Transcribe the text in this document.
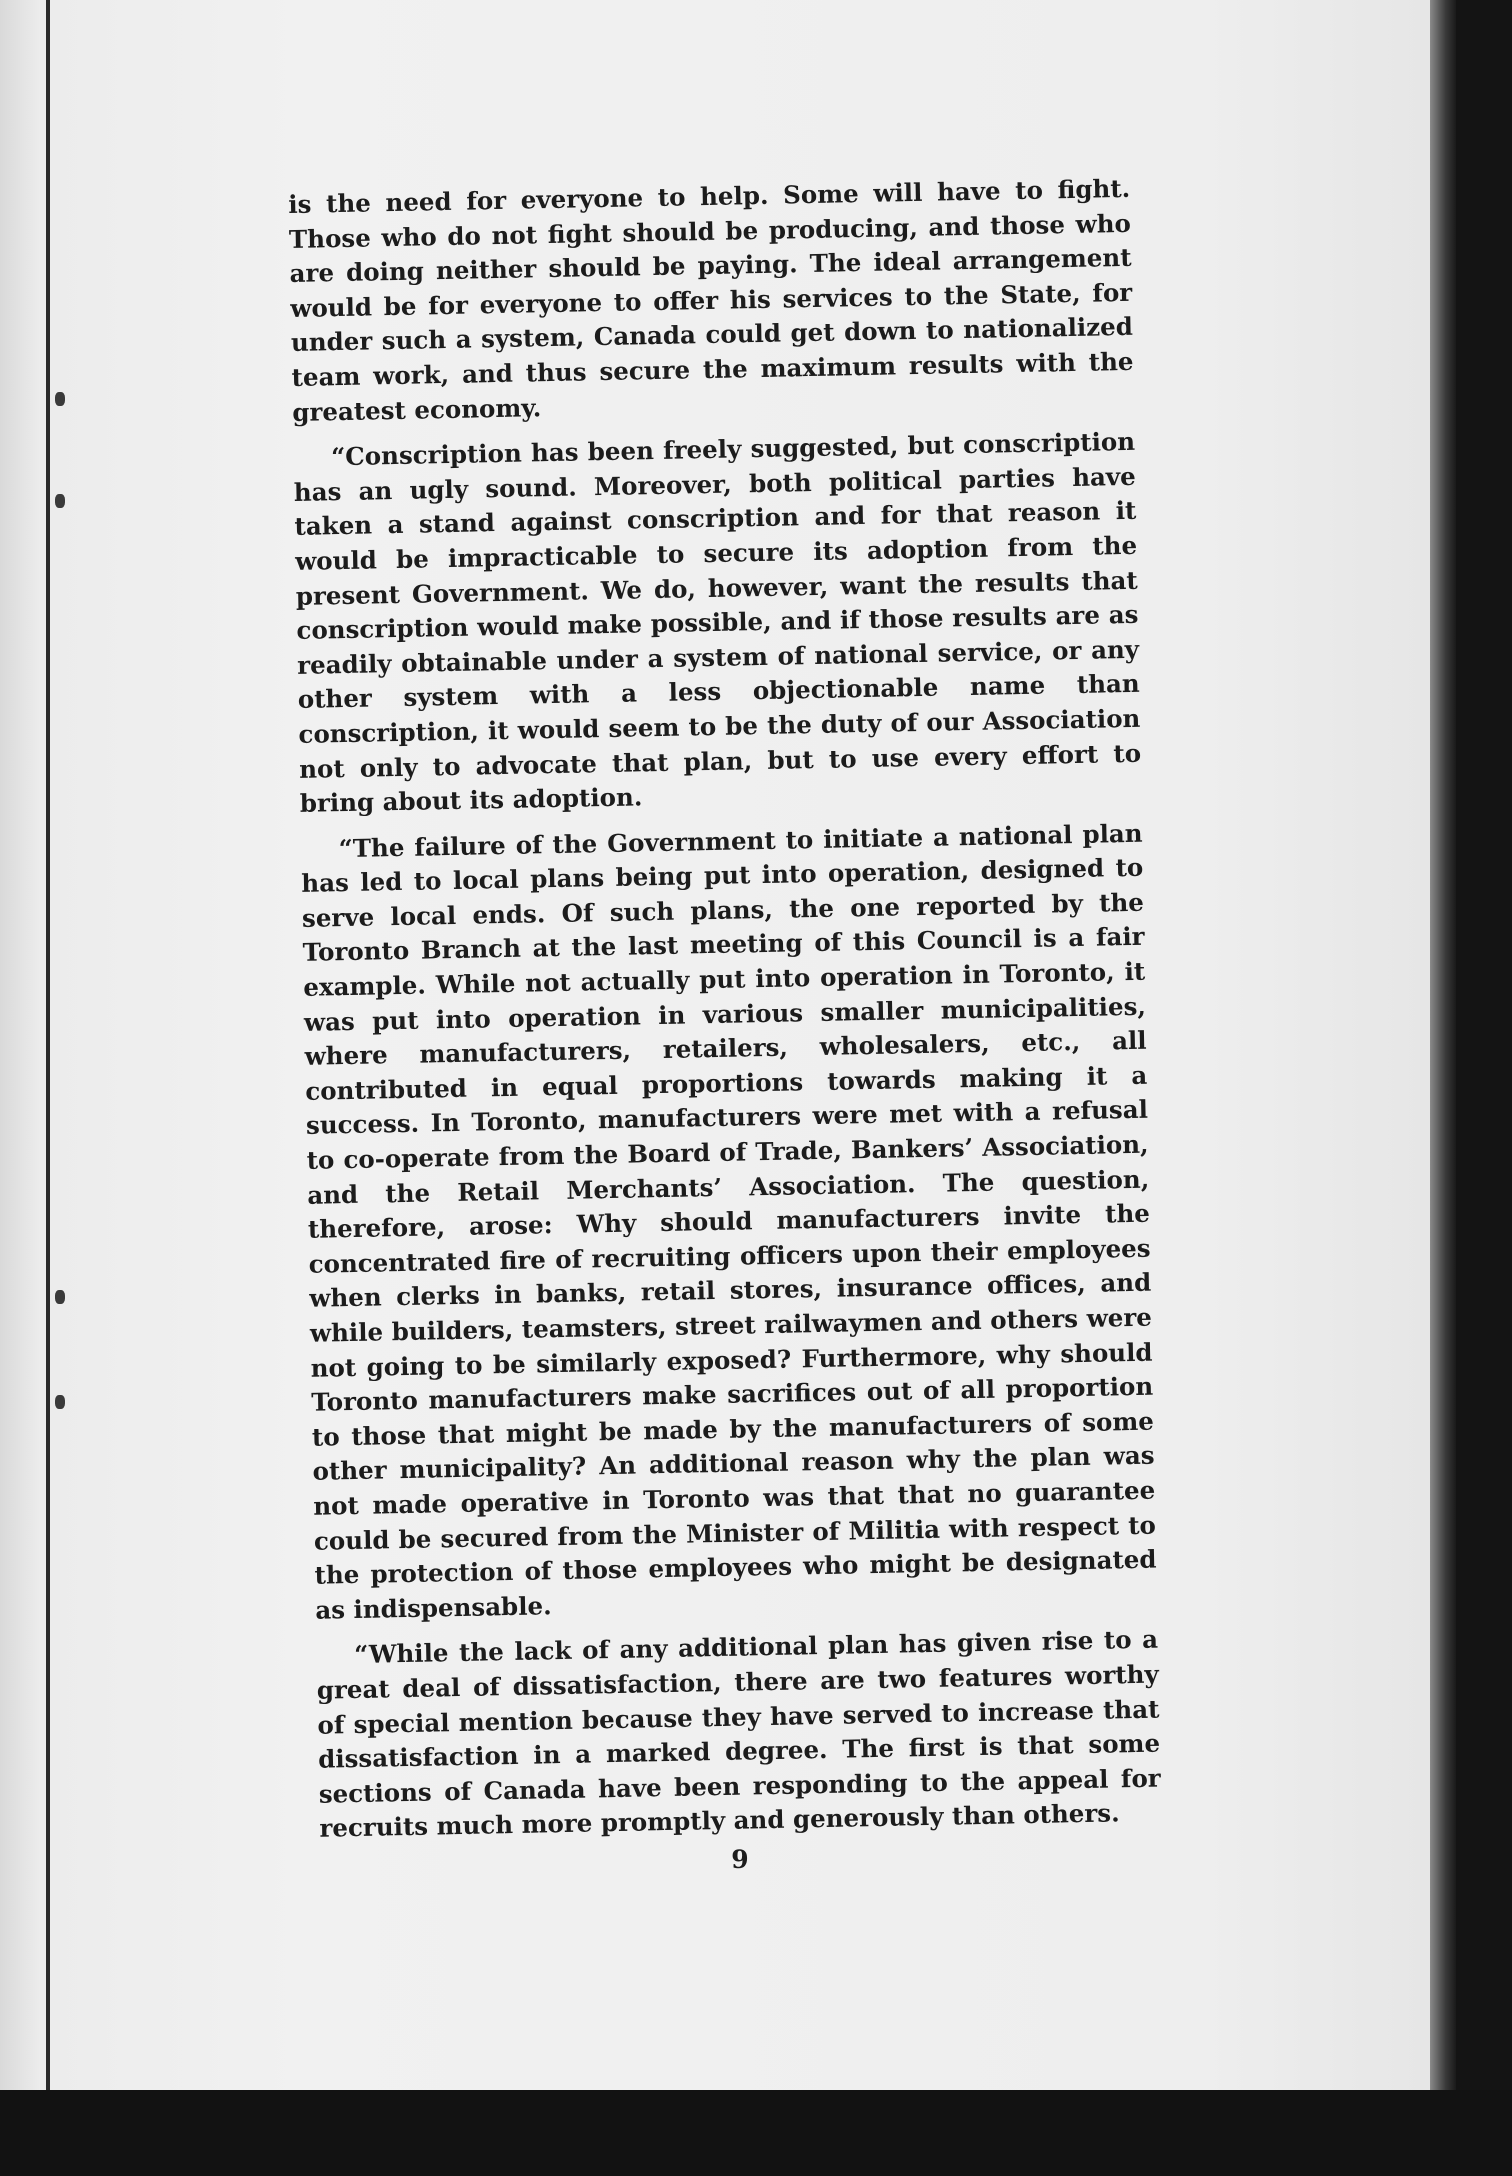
is the need for everyone to help. Some will have to fight. Those who do not fight should be producing, and those who are doing neither should be paying. The ideal arrangement would be for everyone to offer his services to the State, for under such a system, Canada could get down to nationalized team work, and thus secure the maximum results with the greatest economy.

“Conscription has been freely suggested, but conscription has an ugly sound. Moreover, both political parties have taken a stand against conscription and for that reason it would be impracticable to secure its adoption from the present Government. We do, however, want the results that conscription would make possible, and if those results are as readily obtainable under a system of national service, or any other system with a less objectionable name than conscription, it would seem to be the duty of our Association not only to advocate that plan, but to use every effort to bring about its adoption.

“The failure of the Government to initiate a national plan has led to local plans being put into operation, designed to serve local ends. Of such plans, the one reported by the Toronto Branch at the last meeting of this Council is a fair example. While not actually put into operation in Toronto, it was put into operation in various smaller municipalities, where manufacturers, retailers, wholesalers, etc., all contributed in equal proportions towards making it a success. In Toronto, manufacturers were met with a refusal to co-operate from the Board of Trade, Bankers’ Association, and the Retail Merchants’ Association. The question, therefore, arose: Why should manufacturers invite the concentrated fire of recruiting officers upon their employees when clerks in banks, retail stores, insurance offices, and while builders, teamsters, street railwaymen and others were not going to be similarly exposed? Furthermore, why should Toronto manufacturers make sacrifices out of all proportion to those that might be made by the manufacturers of some other municipality? An additional reason why the plan was not made operative in Toronto was that that no guarantee could be secured from the Minister of Militia with respect to the protection of those employees who might be designated as indispensable.

“While the lack of any additional plan has given rise to a great deal of dissatisfaction, there are two features worthy of special mention because they have served to increase that dissatisfaction in a marked degree. The first is that some sections of Canada have been responding to the appeal for recruits much more promptly and generously than others.

9
